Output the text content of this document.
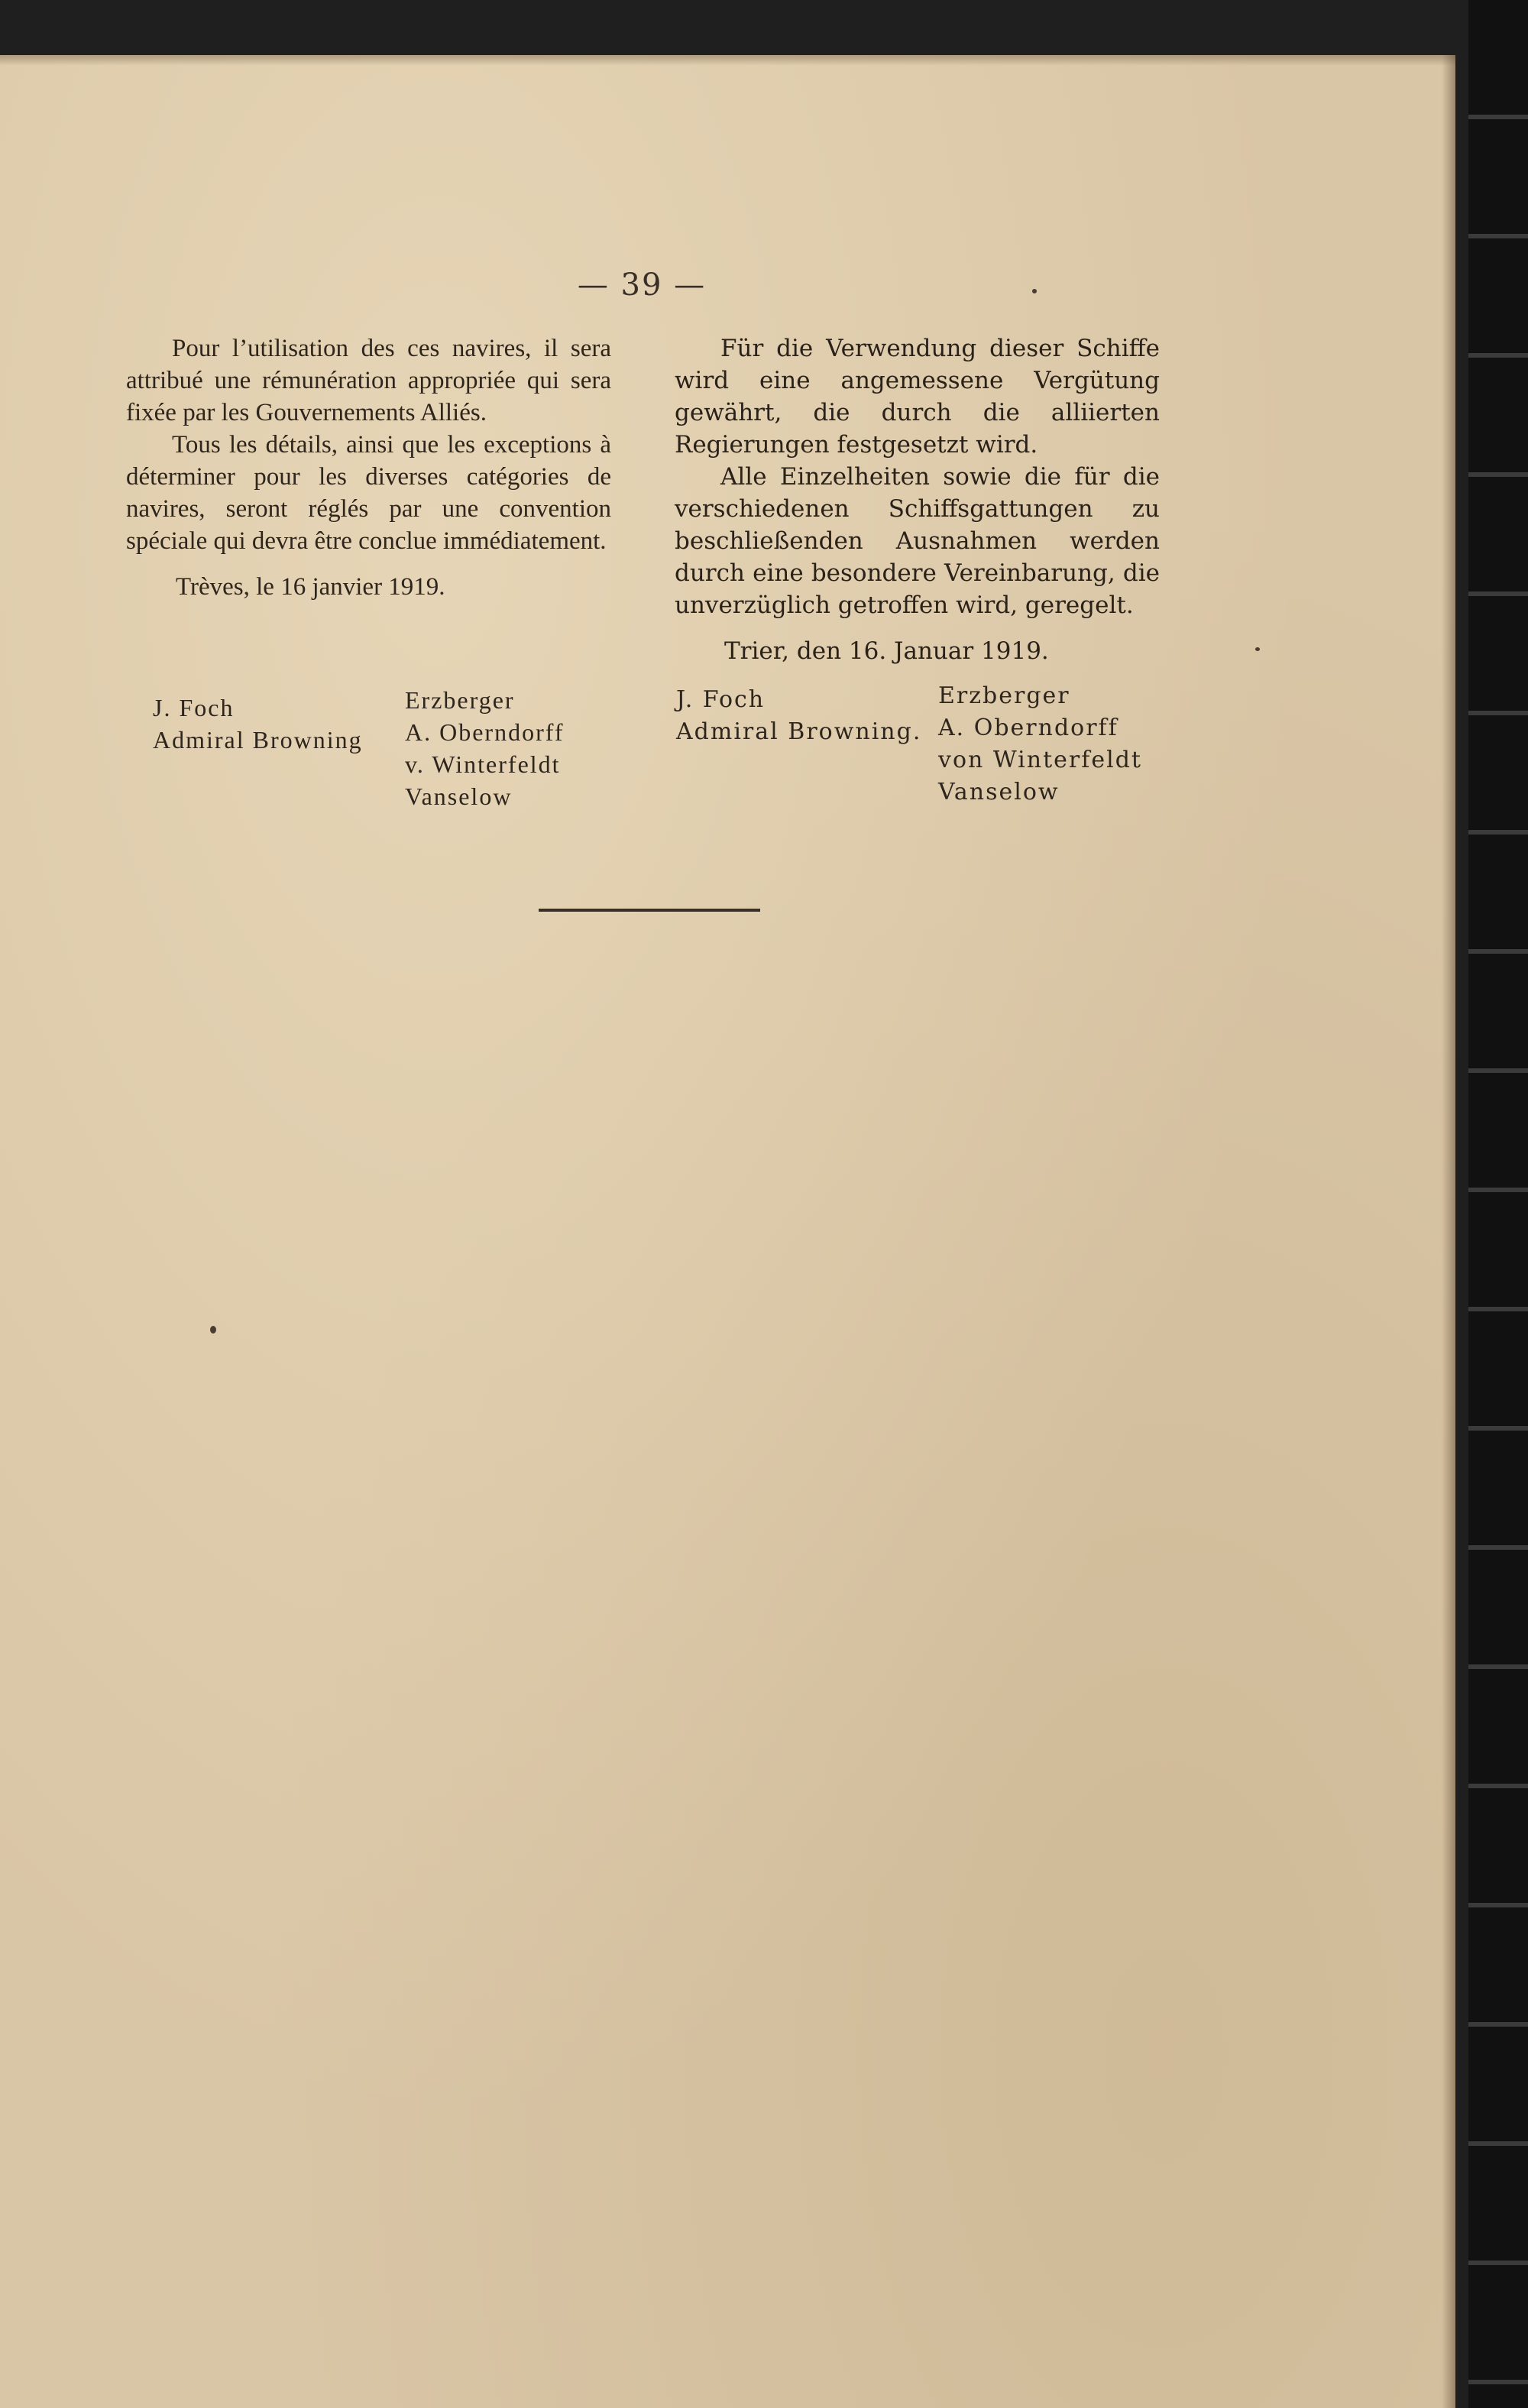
— 39 —

Pour l’utilisation des ces navires, il sera attribué une rémunération appropriée qui sera fixée par les Gouvernements Alliés.

Tous les détails, ainsi que les exceptions à déterminer pour les diverses catégories de navires, seront réglés par une convention spéciale qui devra être conclue immédiatement.

Trèves, le 16 janvier 1919.

Für die Verwendung dieser Schiffe wird eine angemessene Vergütung gewährt, die durch die alliierten Regierungen festgesetzt wird.

Alle Einzelheiten sowie die für die verschiedenen Schiffsgattungen zu beschließenden Ausnahmen werden durch eine besondere Vereinbarung, die unverzüglich getroffen wird, geregelt.

Trier, den 16. Januar 1919.

J. Foch
Admiral Browning
Erzberger
A. Oberndorff
v. Winterfeldt
Vanselow
J. Foch
Admiral Browning.
Erzberger
A. Oberndorff
von Winterfeldt
Vanselow
